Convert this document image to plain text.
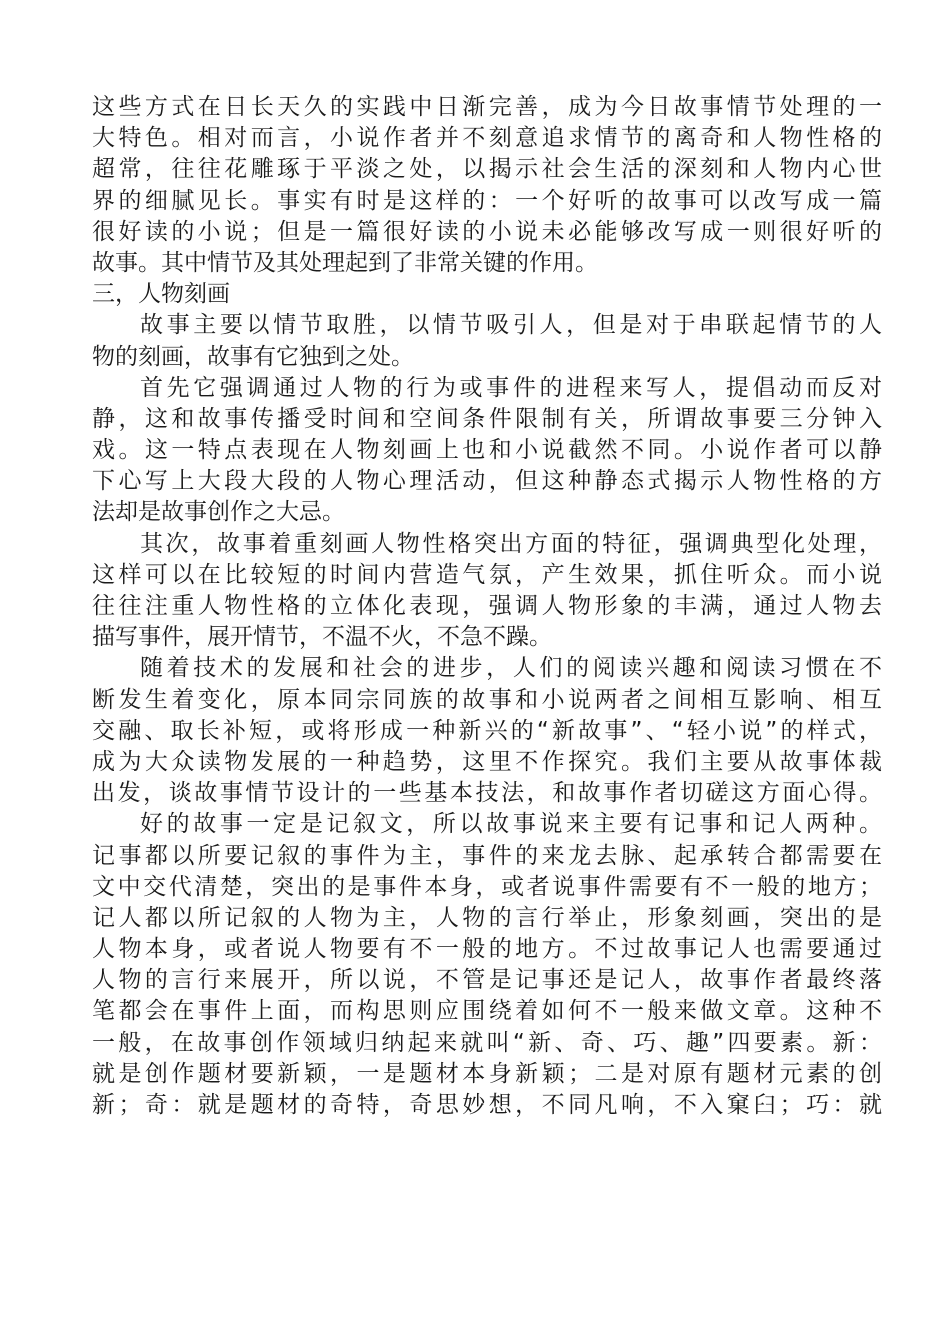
这些方式在日长天久的实践中日渐完善，成为今日故事情节处理的一
大特色。相对而言，小说作者并不刻意追求情节的离奇和人物性格的
超常，往往花雕琢于平淡之处，以揭示社会生活的深刻和人物内心世
界的细腻见长。事实有时是这样的：一个好听的故事可以改写成一篇
很好读的小说；但是一篇很好读的小说未必能够改写成一则很好听的
故事。其中情节及其处理起到了非常关键的作用。
三，人物刻画
故事主要以情节取胜，以情节吸引人，但是对于串联起情节的人
物的刻画，故事有它独到之处。
首先它强调通过人物的行为或事件的进程来写人，提倡动而反对
静，这和故事传播受时间和空间条件限制有关，所谓故事要三分钟入
戏。这一特点表现在人物刻画上也和小说截然不同。小说作者可以静
下心写上大段大段的人物心理活动，但这种静态式揭示人物性格的方
法却是故事创作之大忌。
其次，故事着重刻画人物性格突出方面的特征，强调典型化处理，
这样可以在比较短的时间内营造气氛，产生效果，抓住听众。而小说
往往注重人物性格的立体化表现，强调人物形象的丰满，通过人物去
描写事件，展开情节，不温不火，不急不躁。
随着技术的发展和社会的进步，人们的阅读兴趣和阅读习惯在不
断发生着变化，原本同宗同族的故事和小说两者之间相互影响、相互
交融、取长补短，或将形成一种新兴的“新故事”、“轻小说”的样式，
成为大众读物发展的一种趋势，这里不作探究。我们主要从故事体裁
出发，谈故事情节设计的一些基本技法，和故事作者切磋这方面心得。
好的故事一定是记叙文，所以故事说来主要有记事和记人两种。
记事都以所要记叙的事件为主，事件的来龙去脉、起承转合都需要在
文中交代清楚，突出的是事件本身，或者说事件需要有不一般的地方；
记人都以所记叙的人物为主，人物的言行举止，形象刻画，突出的是
人物本身，或者说人物要有不一般的地方。不过故事记人也需要通过
人物的言行来展开，所以说，不管是记事还是记人，故事作者最终落
笔都会在事件上面，而构思则应围绕着如何不一般来做文章。这种不
一般，在故事创作领域归纳起来就叫“新、奇、巧、趣”四要素。新：
就是创作题材要新颖，一是题材本身新颖；二是对原有题材元素的创
新；奇：就是题材的奇特，奇思妙想，不同凡响，不入窠臼；巧：就
